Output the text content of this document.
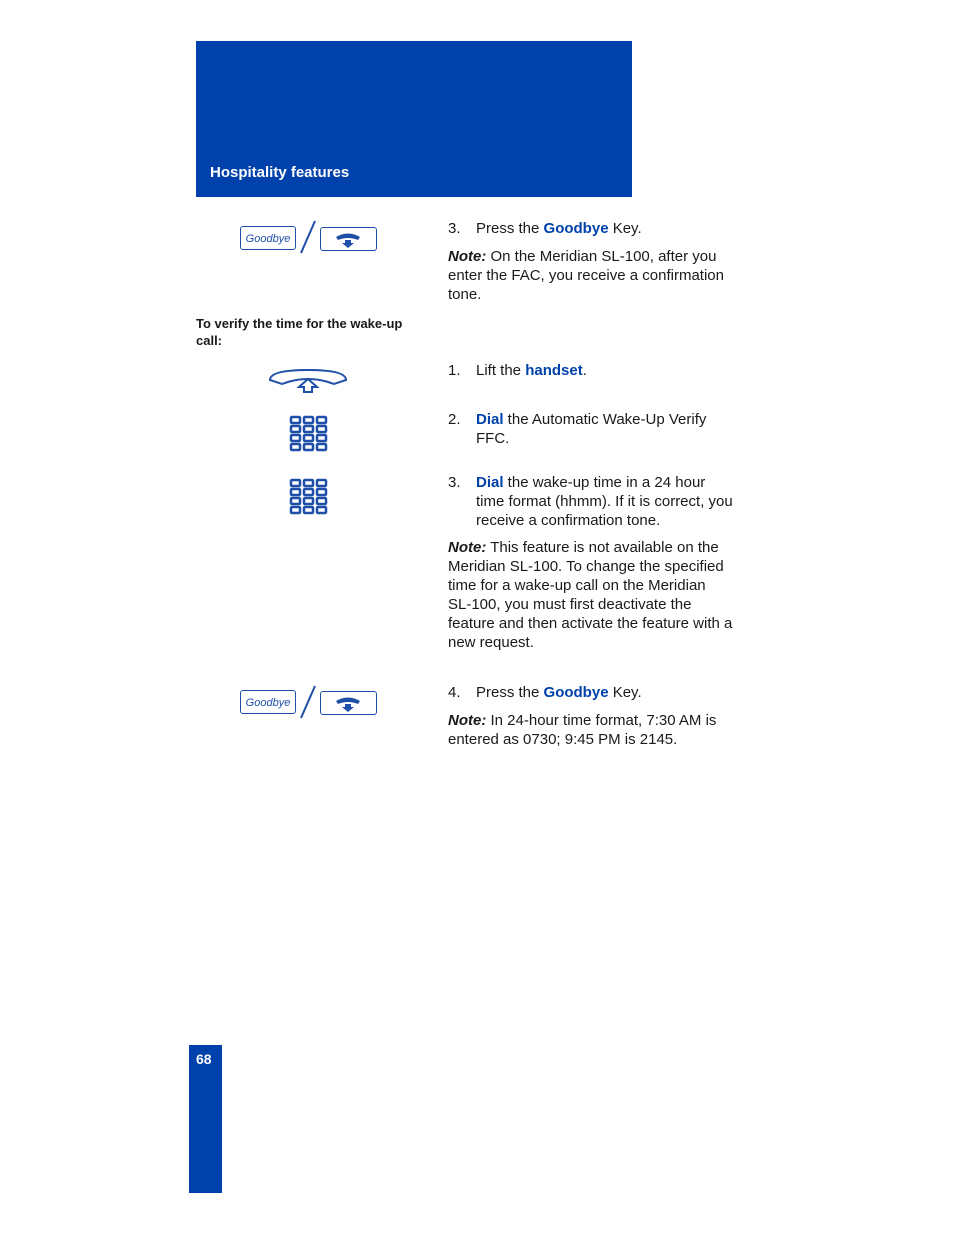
Hospitality features
Goodbye
3.	Press the Goodbye Key.
Note: On the Meridian SL-100, after you enter the FAC, you receive a confirmation tone.
To verify the time for the wake-up call:
1.	Lift the handset.
2.	Dial the Automatic Wake-Up Verify FFC.
3.	Dial the wake-up time in a 24 hour time format (hhmm). If it is correct, you receive a confirmation tone.
Note: This feature is not available on the Meridian SL-100. To change the specified time for a wake-up call on the Meridian SL-100, you must first deactivate the feature and then activate the feature with a new request.
Goodbye
4.	Press the Goodbye Key.
Note: In 24-hour time format, 7:30 AM is entered as 0730; 9:45 PM is 2145.
68
